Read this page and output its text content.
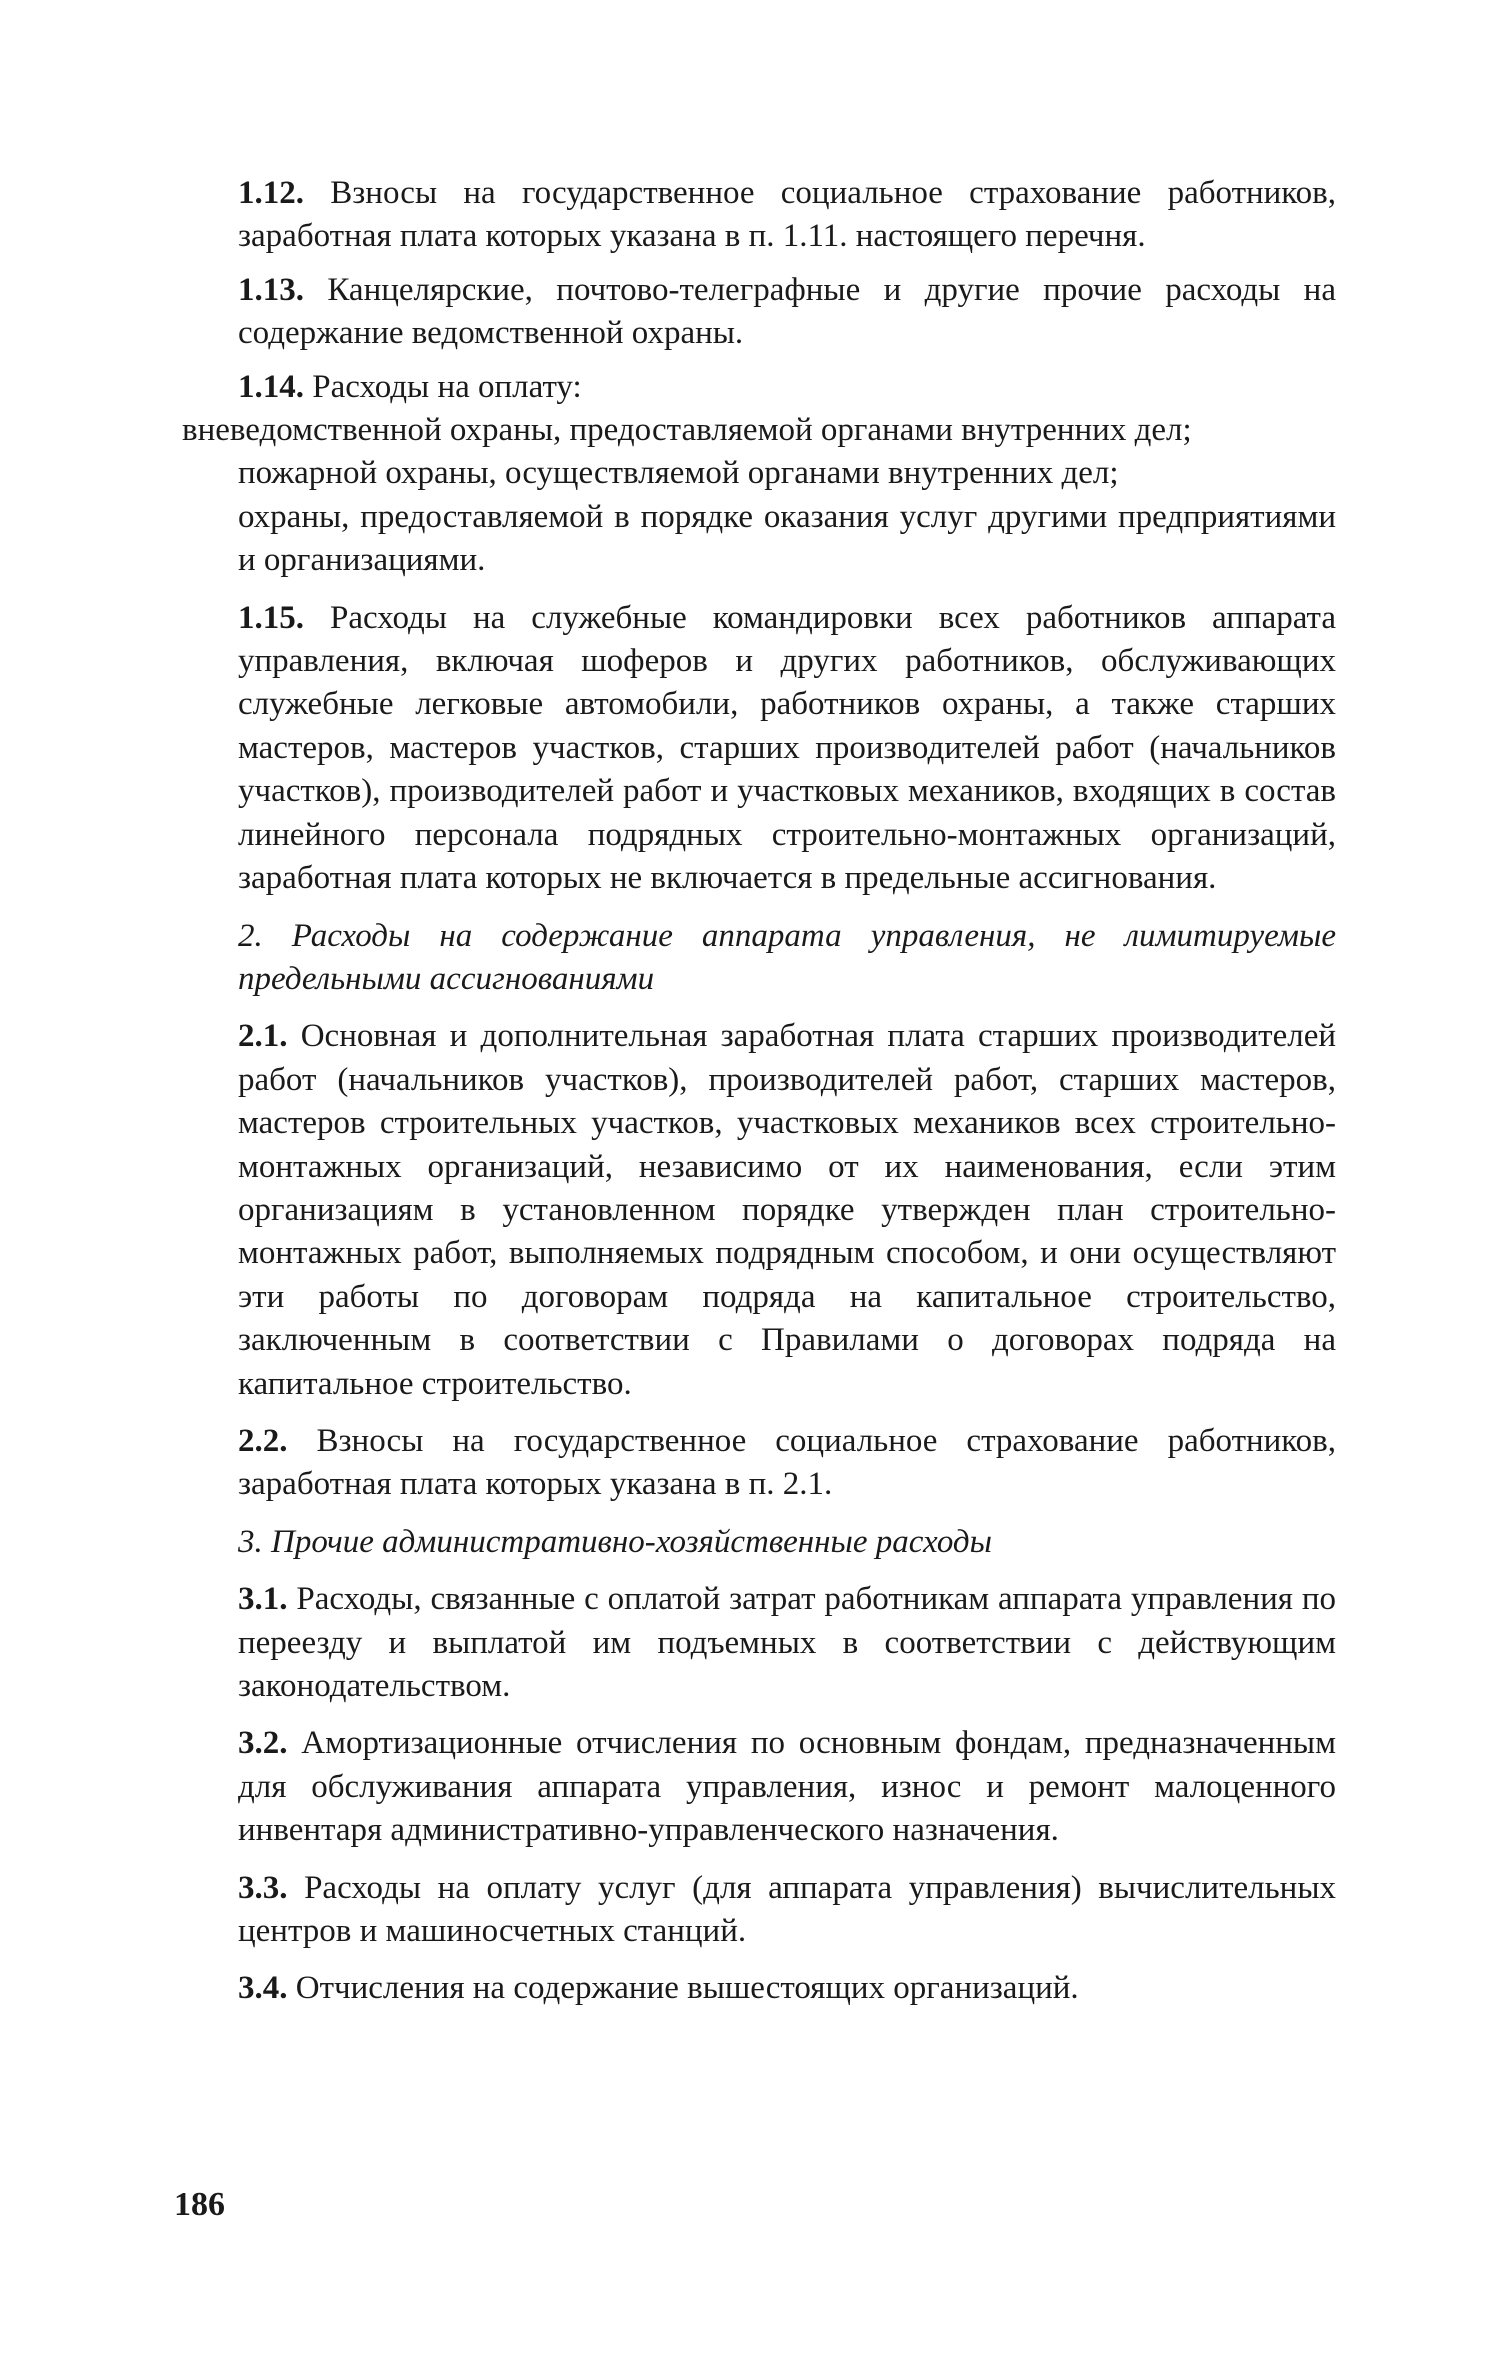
1.12. Взносы на государственное социальное страхование работников, заработная плата которых указана в п. 1.11. настоящего перечня.

1.13. Канцелярские, почтово-телеграфные и другие прочие расходы на содержание ведомственной охраны.

1.14. Расходы на оплату:

вневедомственной охраны, предоставляемой органами внутренних дел;

пожарной охраны, осуществляемой органами внутренних дел;

охраны, предоставляемой в порядке оказания услуг другими предприятиями и организациями.

1.15. Расходы на служебные командировки всех работников аппарата управления, включая шоферов и других работников, обслуживающих служебные легковые автомобили, работников охраны, а также старших мастеров, мастеров участков, старших производителей работ (начальников участков), производителей работ и участковых механиков, входящих в состав линейного персонала подрядных строительно-монтажных организаций, заработная плата которых не включается в предельные ассигнования.

2. Расходы на содержание аппарата управления, не лимитируемые предельными ассигнованиями

2.1. Основная и дополнительная заработная плата старших производителей работ (начальников участков), производителей работ, старших мастеров, мастеров строительных участков, участковых механиков всех строительно-монтажных организаций, независимо от их наименования, если этим организациям в установленном порядке утвержден план строительно-монтажных работ, выполняемых подрядным способом, и они осуществляют эти работы по договорам подряда на капитальное строительство, заключенным в соответствии с Правилами о договорах подряда на капитальное строительство.

2.2. Взносы на государственное социальное страхование работников, заработная плата которых указана в п. 2.1.

3. Прочие административно-хозяйственные расходы

3.1. Расходы, связанные с оплатой затрат работникам аппарата управления по переезду и выплатой им подъемных в соответствии с действующим законодательством.

3.2. Амортизационные отчисления по основным фондам, предназначенным для обслуживания аппарата управления, износ и ремонт малоценного инвентаря административно-управленческого назначения.

3.3. Расходы на оплату услуг (для аппарата управления) вычислительных центров и машиносчетных станций.

3.4. Отчисления на содержание вышестоящих организаций.

186
